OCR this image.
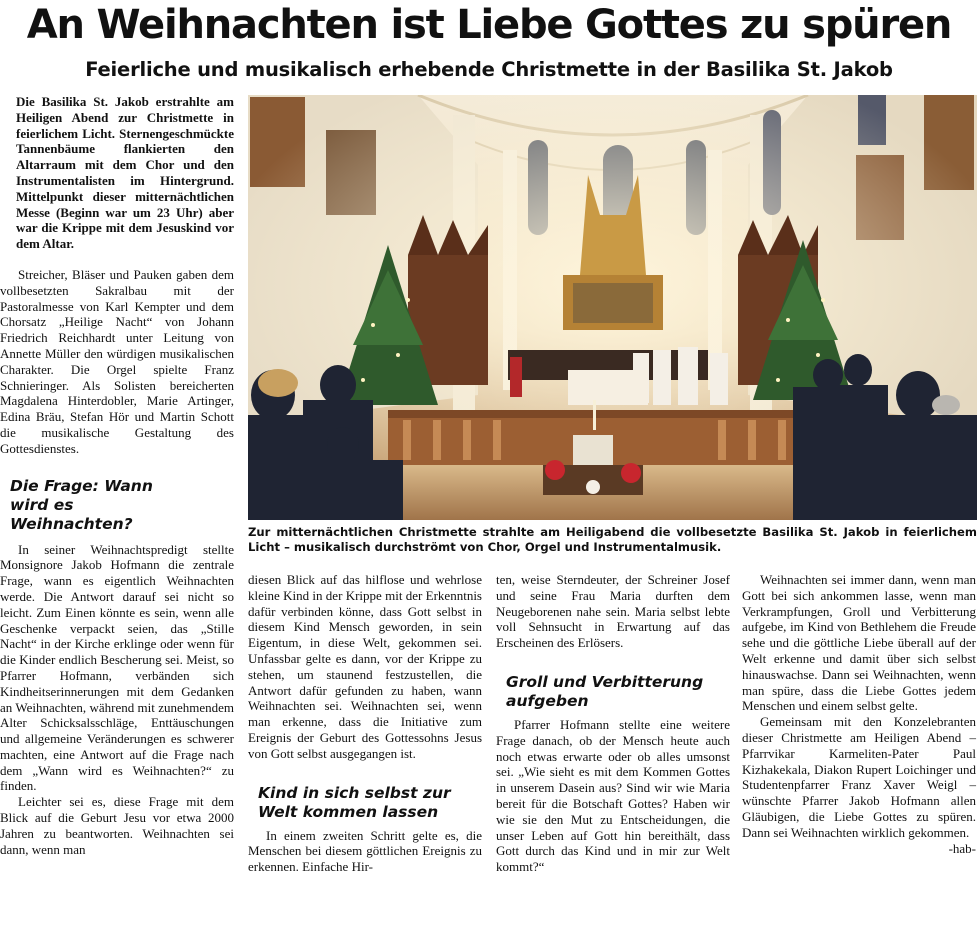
An Weihnachten ist Liebe Gottes zu spüren
Feierliche und musikalisch erhebende Christmette in der Basilika St. Jakob

Die Basilika St. Jakob erstrahlte am Heiligen Abend zur Christmette in feierlichem Licht. Sternengeschmückte Tannenbäume flankierten den Altarraum mit dem Chor und den Instrumentalisten im Hintergrund. Mittelpunkt dieser mitternächtlichen Messe (Beginn war um 23 Uhr) aber war die Krippe mit dem Jesuskind vor dem Altar.

Streicher, Bläser und Pauken gaben dem vollbesetzten Sakralbau mit der Pastoralmesse von Karl Kempter und dem Chorsatz „Heilige Nacht“ von Johann Friedrich Reichhardt unter Leitung von Annette Müller den würdigen musikalischen Charakter. Die Orgel spielte Franz Schnieringer. Als Solisten bereicherten Magdalena Hinterdobler, Marie Artinger, Edina Bräu, Stefan Hör und Martin Schott die musikalische Gestaltung des Gottesdienstes.

Die Frage: Wann wird es Weihnachten?

In seiner Weihnachtspredigt stellte Monsignore Jakob Hofmann die zentrale Frage, wann es eigentlich Weihnachten werde. Die Antwort darauf sei nicht so leicht. Zum Einen könnte es sein, wenn alle Geschenke verpackt seien, das „Stille Nacht“ in der Kirche erklinge oder wenn für die Kinder endlich Bescherung sei. Meist, so Pfarrer Hofmann, verbänden sich Kindheitserinnerungen mit dem Gedanken an Weihnachten, während mit zunehmendem Alter Schicksalsschläge, Enttäuschungen und allgemeine Veränderungen es schwerer machten, eine Antwort auf die Frage nach dem „Wann wird es Weihnachten?“ zu finden.

Leichter sei es, diese Frage mit dem Blick auf die Geburt Jesu vor etwa 2000 Jahren zu beantworten. Weihnachten sei dann, wenn man

Zur mitternächtlichen Christmette strahlte am Heiligabend die vollbesetzte Basilika St. Jakob in feierlichem Licht – musikalisch durchströmt von Chor, Orgel und Instrumentalmusik.

diesen Blick auf das hilflose und wehrlose kleine Kind in der Krippe mit der Erkenntnis dafür verbinden könne, dass Gott selbst in diesem Kind Mensch geworden, in sein Eigentum, in diese Welt, gekommen sei. Unfassbar gelte es dann, vor der Krippe zu stehen, um staunend festzustellen, die Antwort dafür gefunden zu haben, wann Weihnachten sei. Weihnachten sei, wenn man erkenne, dass die Initiative zum Ereignis der Geburt des Gottessohns Jesus von Gott selbst ausgegangen ist.

Kind in sich selbst zur Welt kommen lassen

In einem zweiten Schritt gelte es, die Menschen bei diesem göttlichen Ereignis zu erkennen. Einfache Hir-

ten, weise Sterndeuter, der Schreiner Josef und seine Frau Maria durften dem Neugeborenen nahe sein. Maria selbst lebte voll Sehnsucht in Erwartung auf das Erscheinen des Erlösers.

Groll und Verbitterung aufgeben

Pfarrer Hofmann stellte eine weitere Frage danach, ob der Mensch heute auch noch etwas erwarte oder ob alles umsonst sei. „Wie sieht es mit dem Kommen Gottes in unserem Dasein aus? Sind wir wie Maria bereit für die Botschaft Gottes? Haben wir wie sie den Mut zu Entscheidungen, die unser Leben auf Gott hin bereithält, dass Gott durch das Kind und in mir zur Welt kommt?“

Weihnachten sei immer dann, wenn man Gott bei sich ankommen lasse, wenn man Verkrampfungen, Groll und Verbitterung aufgebe, im Kind von Bethlehem die Freude sehe und die göttliche Liebe überall auf der Welt erkenne und damit über sich selbst hinauswachse. Dann sei Weihnachten, wenn man spüre, dass die Liebe Gottes jedem Menschen und einem selbst gelte.

Gemeinsam mit den Konzelebranten dieser Christmette am Heiligen Abend – Pfarrvikar Karmeliten-Pater Paul Kizhakekala, Diakon Rupert Loichinger und Studentenpfarrer Franz Xaver Weigl – wünschte Pfarrer Jakob Hofmann allen Gläubigen, die Liebe Gottes zu spüren. Dann sei Weihnachten wirklich gekommen.

-hab-
